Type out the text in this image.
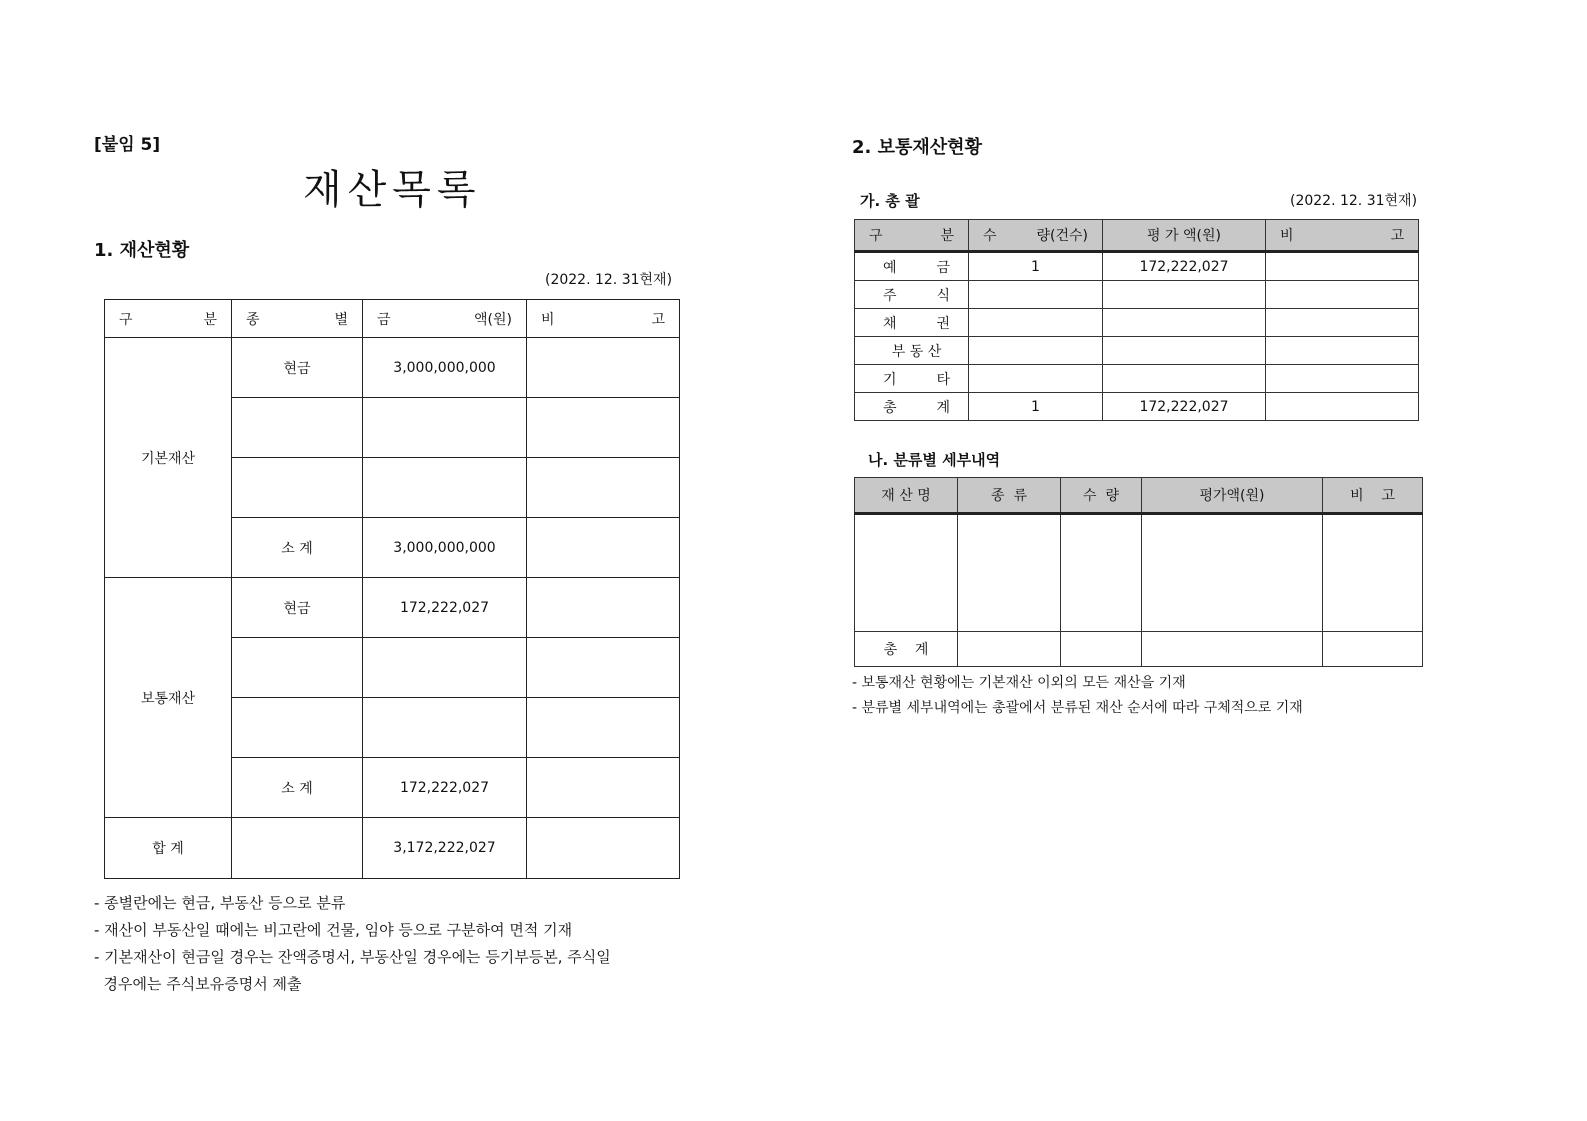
[붙임 5]
재산목록
1. 재산현황
(2022. 12. 31현재)
구 분	종 별	금 액(원)	비 고

기본재산	현금	3,000,000,000	

	소 계	3,000,000,000	
보통재산	현금	172,222,027	

	소 계	172,222,027	
합 계		3,172,222,027	
- 종별란에는 현금, 부동산 등으로 분류
- 재산이 부동산일 때에는 비고란에 건물, 임야 등으로 구분하여 면적 기재
- 기본재산이 현금일 경우는 잔액증명서, 부동산일 경우에는 등기부등본, 주식일
경우에는 주식보유증명서 제출
2. 보통재산현황
가. 총 괄	(2022. 12. 31현재)
구 분	수 량(건수)	평 가 액(원)	비 고

예 금	1	172,222,027	

주 식			

채 권			

부 동 산			

기 타			

총 계	1	172,222,027	
나. 분류별 세부내역
재 산 명	종  류	수  량	평가액(원)	비    고

총    계				
- 보통재산 현황에는 기본재산 이외의 모든 재산을 기재
- 분류별 세부내역에는 총괄에서 분류된 재산 순서에 따라 구체적으로 기재
